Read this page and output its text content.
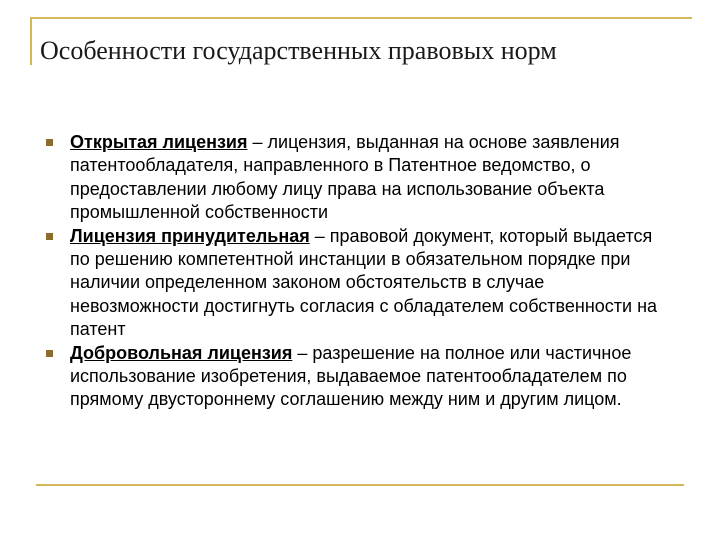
Особенности государственных правовых норм
Открытая лицензия – лицензия, выданная на основе заявления патентообладателя, направленного в Патентное ведомство, о предоставлении любому лицу права на использование объекта промышленной собственности
Лицензия принудительная – правовой документ, который выдается по решению компетентной инстанции в обязательном порядке при наличии определенном законом обстоятельств в случае невозможности достигнуть согласия с обладателем собственности на патент
Добровольная лицензия – разрешение на полное или частичное использование изобретения, выдаваемое патентообладателем по прямому двустороннему соглашению между ним и другим лицом.
